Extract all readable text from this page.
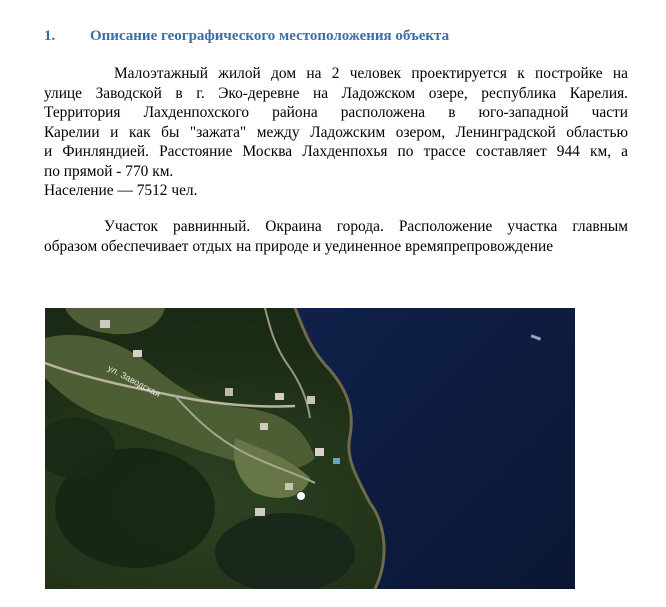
1. Описание географического местоположения объекта
Малоэтажный жилой дом на 2 человек проектируется к постройке на
улице Заводской в г. Эко-деревне на Ладожском озере, республика Карелия.
Территория Лахденпохского района расположена в юго-западной части
Карелии и как бы "зажата" между Ладожским озером, Ленинградской областью
и Финляндией. Расстояние Москва Лахденпохья по трассе составляет 944 км, а
по прямой - 770 км.
Население — 7512 чел.
Участок равнинный. Окраина города. Расположение участка главным
образом обеспечивает отдых на природе и уединенное времяпрепровождение
ул. Заводская
